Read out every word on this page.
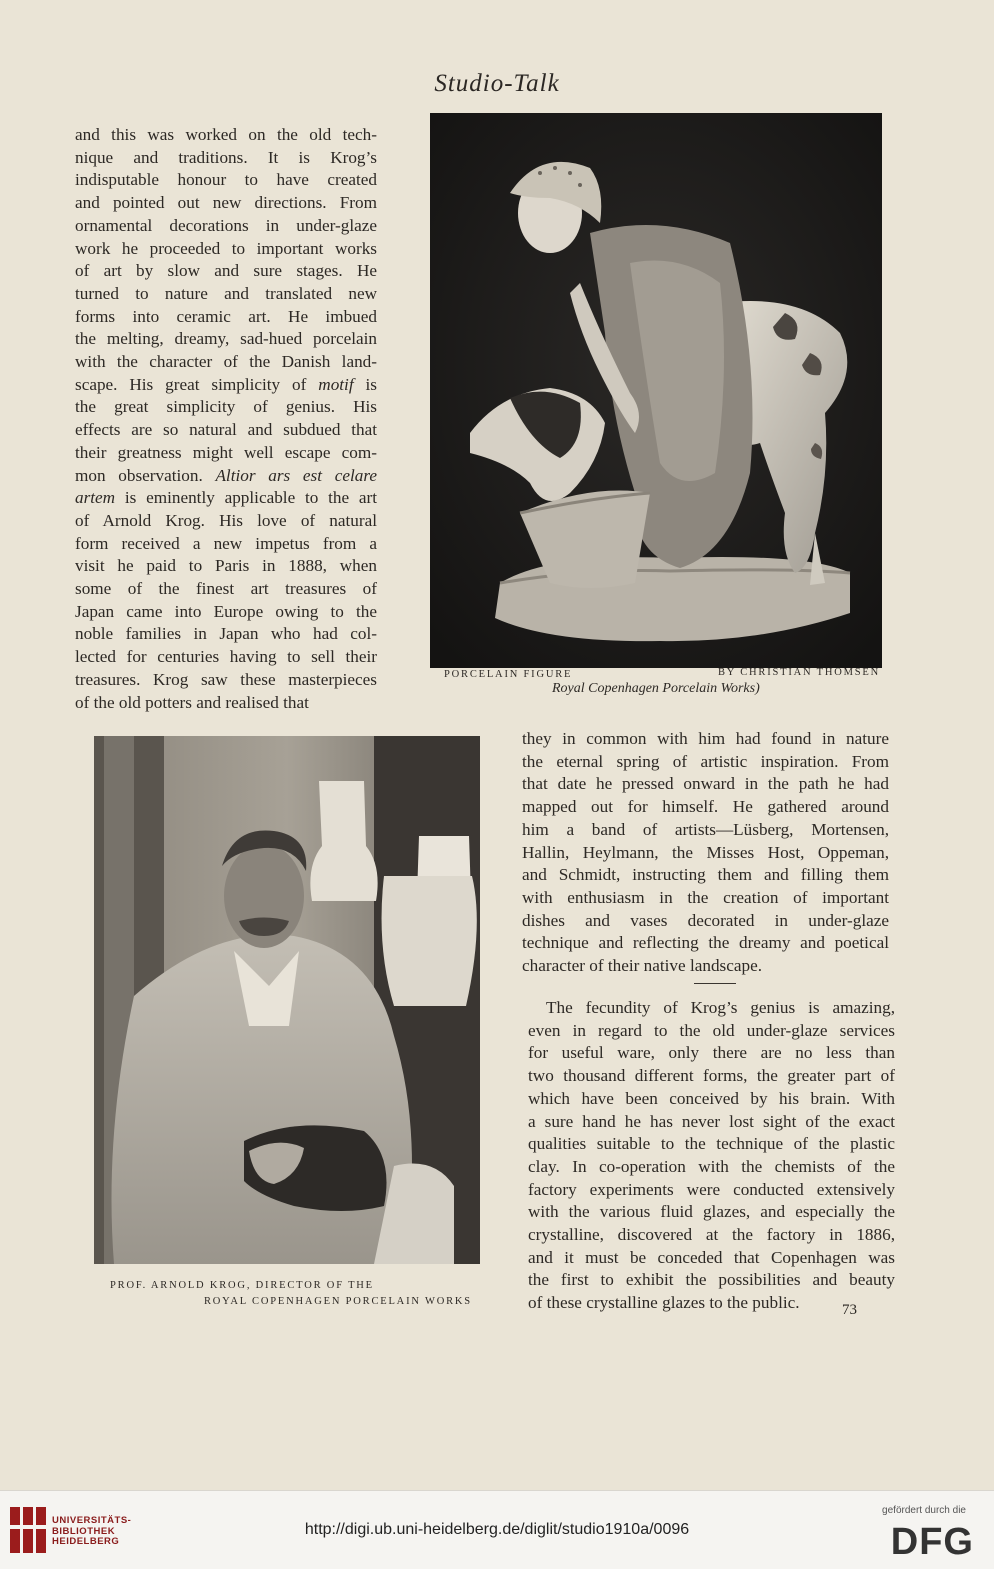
Studio-Talk
and this was worked on the old tech-
nique and traditions. It is Krog’s
indisputable honour to have created
and pointed out new directions. From
ornamental decorations in under-glaze
work he proceeded to important works
of art by slow and sure stages. He
turned to nature and translated new
forms into ceramic art. He imbued
the melting, dreamy, sad-hued porcelain
with the character of the Danish land-
scape. His great simplicity of motif is
the great simplicity of genius. His
effects are so natural and subdued that
their greatness might well escape com-
mon observation. Altior ars est celare
artem is eminently applicable to the art
of Arnold Krog. His love of natural
form received a new impetus from a
visit he paid to Paris in 1888, when
some of the finest art treasures of
Japan came into Europe owing to the
noble families in Japan who had col-
lected for centuries having to sell their
treasures. Krog saw these masterpieces
of the old potters and realised that
PORCELAIN FIGURE	BY CHRISTIAN THOMSEN
Royal Copenhagen Porcelain Works)
they in common with him had found in nature
the eternal spring of artistic inspiration. From
that date he pressed onward in the path he had
mapped out for himself. He gathered around
him a band of artists—Lüsberg, Mortensen,
Hallin, Heylmann, the Misses Host, Oppeman,
and Schmidt, instructing them and filling them
with enthusiasm in the creation of important
dishes and vases decorated in under-glaze
technique and reflecting the dreamy and poetical
character of their native landscape.
The fecundity of Krog’s genius is amazing,
even in regard to the old under-glaze services
for useful ware, only there are no less than
two thousand different forms, the greater part of
which have been conceived by his brain. With
a sure hand he has never lost sight of the exact
qualities suitable to the technique of the plastic
clay. In co-operation with the chemists of the
factory experiments were conducted extensively
with the various fluid glazes, and especially the
crystalline, discovered at the factory in 1886,
and it must be conceded that Copenhagen was
the first to exhibit the possibilities and beauty
of these crystalline glazes to the public.
PROF. ARNOLD KROG, DIRECTOR OF THE
ROYAL COPENHAGEN PORCELAIN WORKS
73
UNIVERSITÄTS-
BIBLIOTHEK
HEIDELBERG
http://digi.ub.uni-heidelberg.de/diglit/studio1910a/0096
gefördert durch die
DFG
